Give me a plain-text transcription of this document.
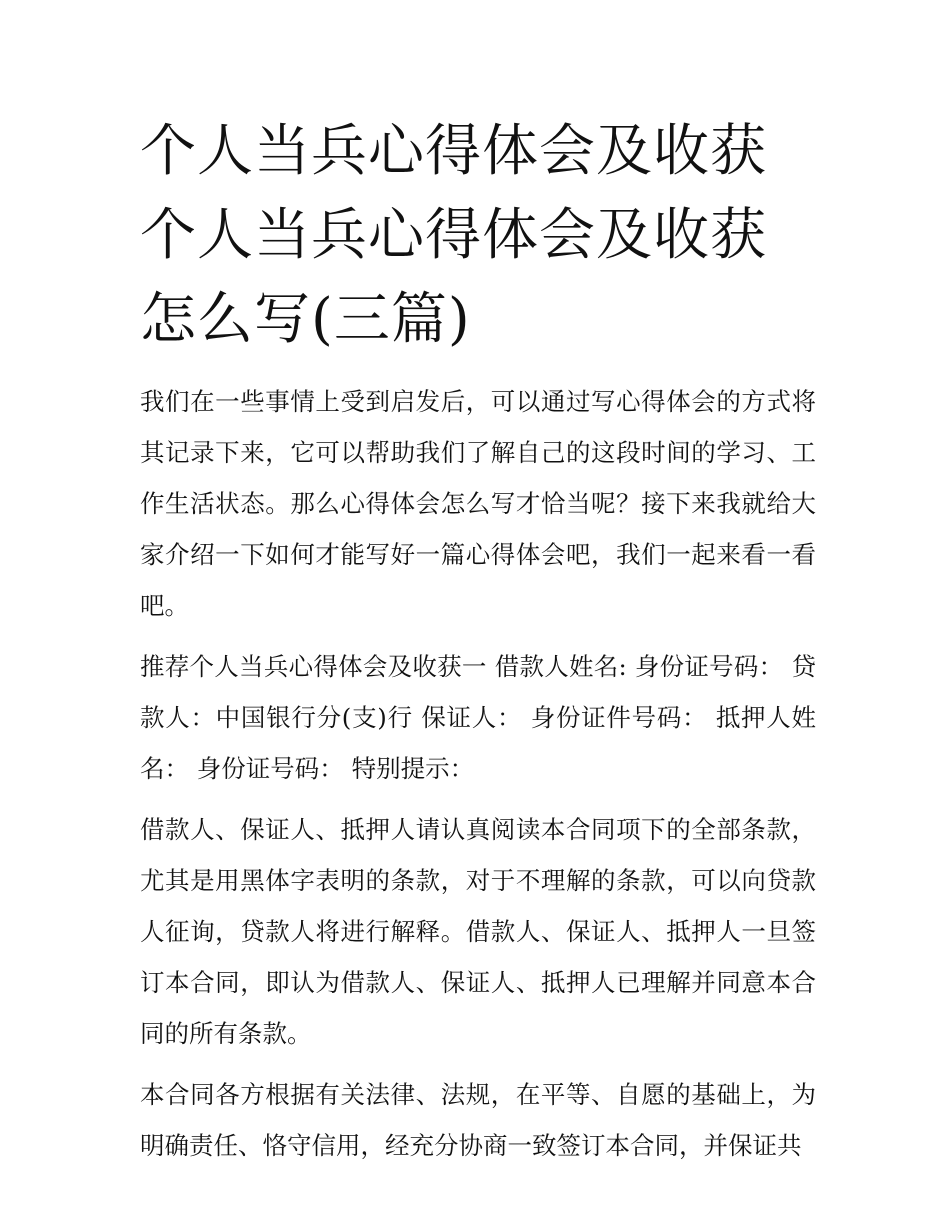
个人当兵心得体会及收获 个人当兵心得体会及收获怎么写(三篇)

我们在一些事情上受到启发后，可以通过写心得体会的方式将其记录下来，它可以帮助我们了解自己的这段时间的学习、工作生活状态。那么心得体会怎么写才恰当呢？接下来我就给大家介绍一下如何才能写好一篇心得体会吧，我们一起来看一看吧。

推荐个人当兵心得体会及收获一 借款人姓名: 身份证号码： 贷款人：中国银行分(支)行 保证人： 身份证件号码： 抵押人姓名： 身份证号码： 特别提示：

借款人、保证人、抵押人请认真阅读本合同项下的全部条款，尤其是用黑体字表明的条款，对于不理解的条款，可以向贷款人征询，贷款人将进行解释。借款人、保证人、抵押人一旦签订本合同，即认为借款人、保证人、抵押人已理解并同意本合同的所有条款。

本合同各方根据有关法律、法规，在平等、自愿的基础上，为明确责任、恪守信用，经充分协商一致签订本合同，并保证共
